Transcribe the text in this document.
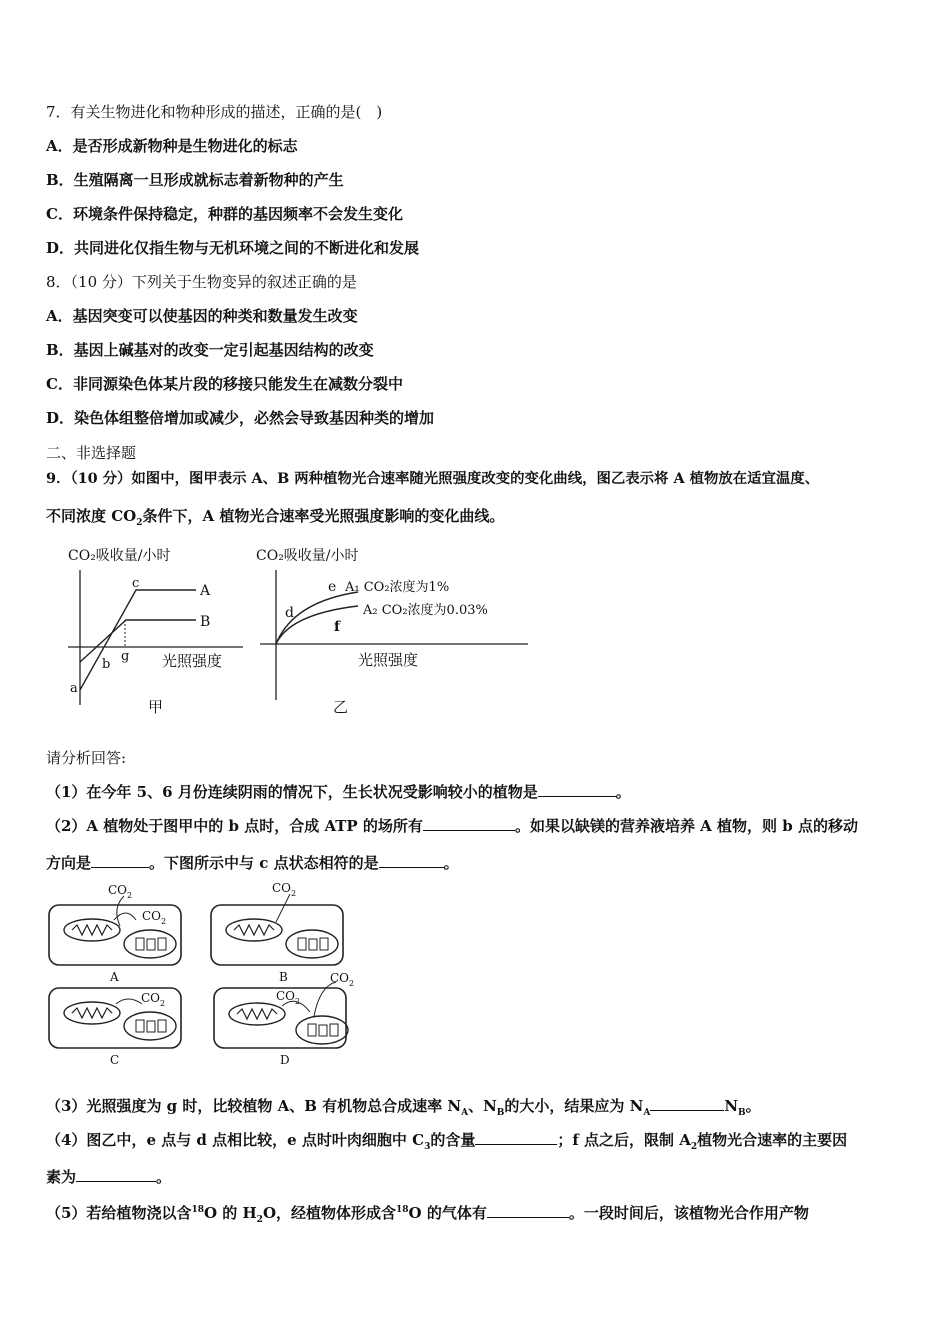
7．有关生物进化和物种形成的描述，正确的是(　)
A．是否形成新物种是生物进化的标志
B．生殖隔离一旦形成就标志着新物种的产生
C．环境条件保持稳定，种群的基因频率不会发生变化
D．共同进化仅指生物与无机环境之间的不断进化和发展
8．（10 分）下列关于生物变异的叙述正确的是
A．基因突变可以使基因的种类和数量发生改变
B．基因上碱基对的改变一定引起基因结构的改变
C．非同源染色体某片段的移接只能发生在减数分裂中
D．染色体组整倍增加或减少，必然会导致基因种类的增加
二、非选择题
9．（10 分）如图中，图甲表示 A、B 两种植物光合速率随光照强度改变的变化曲线，图乙表示将 A 植物放在适宜温度、
不同浓度 $CO_2$条件下，A 植物光合速率受光照强度影响的变化曲线。
CO₂吸收量/小时
A
B
c
g
b
a
光照强度
甲
CO₂吸收量/小时
d
e
f
A₁ CO₂浓度为1%
A₂ CO₂浓度为0.03%
光照强度
乙
请分析回答:
（1）在今年 5、6 月份连续阴雨的情况下，生长状况受影响较小的植物是	。
（2）A 植物处于图甲中的 b 点时，合成 ATP 的场所有	。如果以缺镁的营养液培养 A 植物，则 b 点的移动
方向是	。下图所示中与 c 点状态相符的是	。
$CO_2$
$CO_2$
A
$CO_2$
B
$CO_2$
C
$CO_2$
$CO_2$
D
（3）光照强度为 g 时，比较植物 A、B 有机物总合成速率 $N_A$、$N_B$的大小，结果应为 $N_A$	$N_B$。
（4）图乙中，e 点与 d 点相比较，e 点时叶肉细胞中 $C_3$的含量	；f 点之后，限制 $A_2$植物光合速率的主要因
素为	。
（5）若给植物浇以含$^{18}$O 的 $H_2O$，经植物体形成含$^{18}$O 的气体有	。一段时间后，该植物光合作用产物
